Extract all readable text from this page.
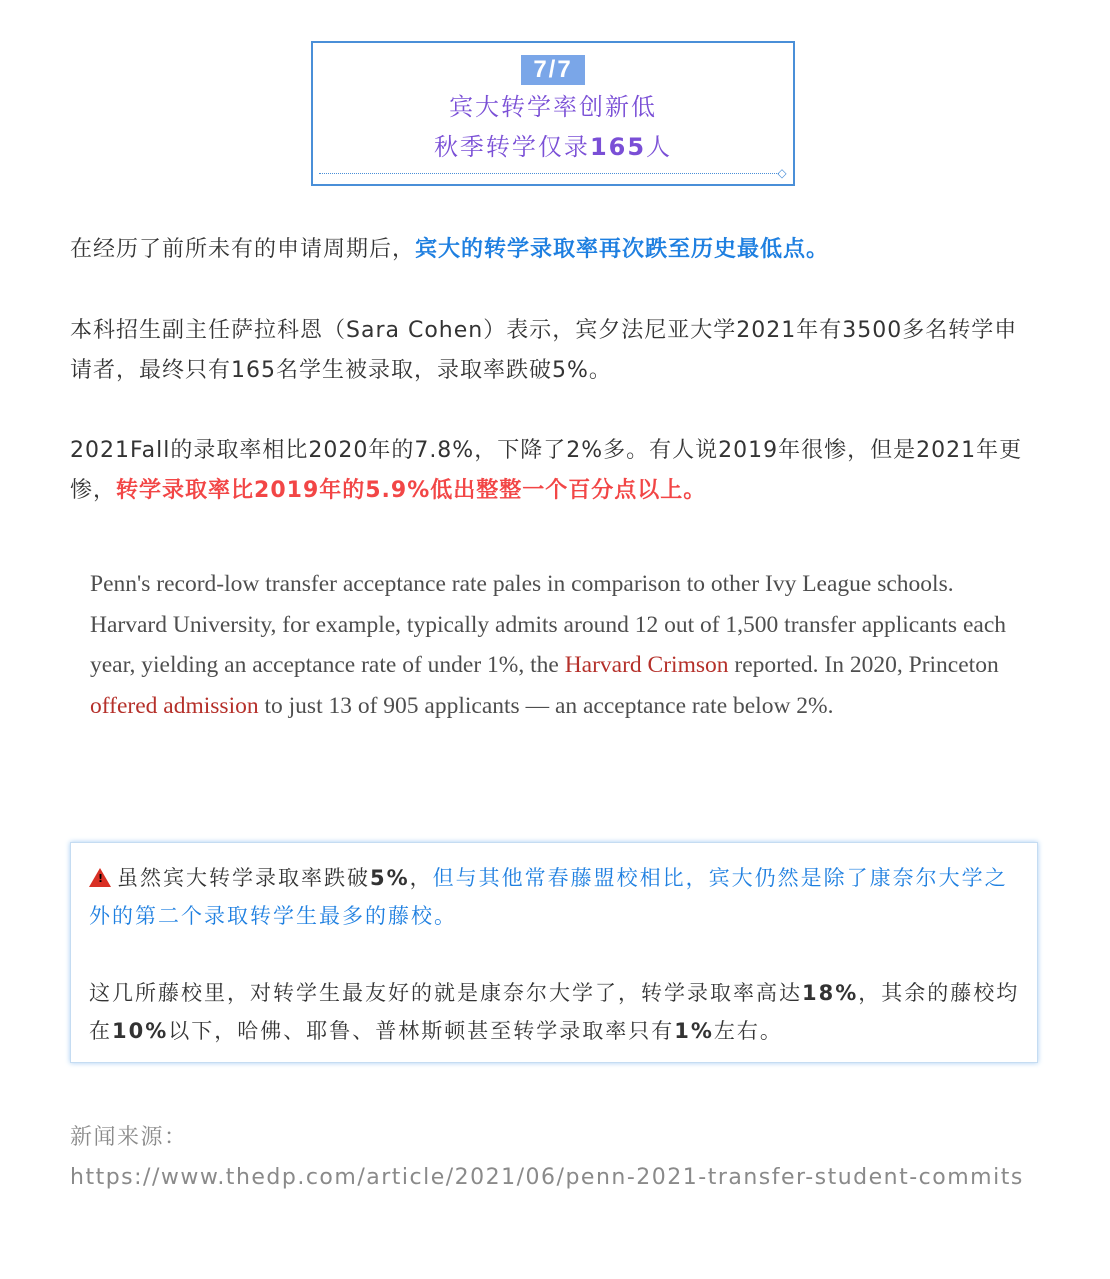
7/7
宾大转学率创新低
秋季转学仅录165人
◇

在经历了前所未有的申请周期后，宾大的转学录取率再次跌至历史最低点。

本科招生副主任萨拉科恩（Sara Cohen）表示，宾夕法尼亚大学2021年有3500多名转学申请者，最终只有165名学生被录取，录取率跌破5%。

2021Fall的录取率相比2020年的7.8%，下降了2%多。有人说2019年很惨，但是2021年更惨，转学录取率比2019年的5.9%低出整整一个百分点以上。

Penn's record-low transfer acceptance rate pales in comparison to other Ivy League schools. Harvard University, for example, typically admits around 12 out of 1,500 transfer applicants each year, yielding an acceptance rate of under 1%, the Harvard Crimson reported. In 2020, Princeton offered admission to just 13 of 905 applicants — an acceptance rate below 2%.

! 虽然宾大转学录取率跌破5%，但与其他常春藤盟校相比，宾大仍然是除了康奈尔大学之外的第二个录取转学生最多的藤校。

这几所藤校里，对转学生最友好的就是康奈尔大学了，转学录取率高达18%，其余的藤校均在10%以下，哈佛、耶鲁、普林斯顿甚至转学录取率只有1%左右。

新闻来源：
https://www.thedp.com/article/2021/06/penn-2021-transfer-student-commits
